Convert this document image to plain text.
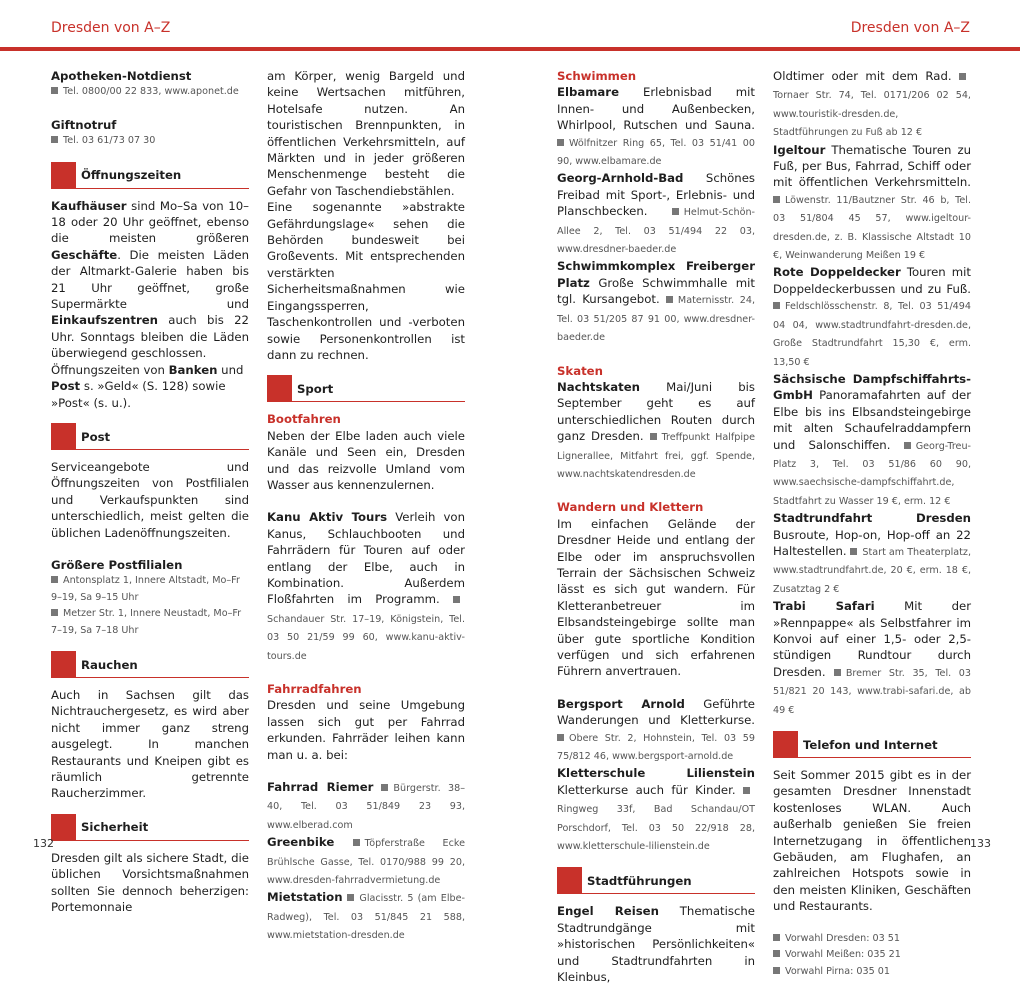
Dresden von A–Z	Dresden von A–Z
Apotheken-Notdienst
Tel. 0800/00 22 833, www.aponet.de
Giftnotruf
Tel. 03 61/73 07 30
Öffnungszeiten

Kaufhäuser sind Mo–Sa von 10–18 oder 20 Uhr geöffnet, ebenso die meisten größeren Geschäfte. Die meisten Läden der Altmarkt-Galerie haben bis 21 Uhr geöffnet, große Supermärkte und Einkaufszentren auch bis 22 Uhr. Sonntags bleiben die Läden überwiegend geschlossen.

Öffnungszeiten von Banken und Post s. »Geld« (S. 128) sowie »Post« (s. u.).

Post

Serviceangebote und Öffnungszeiten von Postfilialen und Verkaufspunkten sind unterschiedlich, meist gelten die üblichen Ladenöffnungszeiten.

Größere Postfilialen
Antonsplatz 1, Innere Altstadt, Mo–Fr 9–19, Sa 9–15 Uhr
Metzer Str. 1, Innere Neustadt, Mo–Fr 7–19, Sa 7–18 Uhr
Rauchen

Auch in Sachsen gilt das Nichtrauchergesetz, es wird aber nicht immer ganz streng ausgelegt. In manchen Restaurants und Kneipen gibt es räumlich getrennte Raucherzimmer.

Sicherheit

Dresden gilt als sichere Stadt, die üblichen Vorsichtsmaßnahmen sollten Sie dennoch beherzigen: Portemonnaie

am Körper, wenig Bargeld und keine Wertsachen mitführen, Hotelsafe nutzen. An touristischen Brennpunkten, in öffentlichen Verkehrsmitteln, auf Märkten und in jeder größeren Menschenmenge besteht die Gefahr von Taschendiebstählen.

Eine sogenannte »abstrakte Gefährdungslage« sehen die Behörden bundesweit bei Großevents. Mit entsprechenden verstärkten Sicherheitsmaßnahmen wie Eingangssperren, Taschenkontrollen und -verboten sowie Personenkontrollen ist dann zu rechnen.

Sport
Bootfahren

Neben der Elbe laden auch viele Kanäle und Seen ein, Dresden und das reizvolle Umland vom Wasser aus kennenzulernen.

Kanu Aktiv Tours Verleih von Kanus, Schlauchbooten und Fahrrädern für Touren auf oder entlang der Elbe, auch in Kombination. Außerdem Floßfahrten im Programm. Schandauer Str. 17–19, Königstein, Tel. 03 50 21/59 99 60, www.kanu-aktiv-tours.de

Fahrradfahren

Dresden und seine Umgebung lassen sich gut per Fahrrad erkunden. Fahrräder leihen kann man u. a. bei:

Fahrrad Riemer Bürgerstr. 38–40, Tel. 03 51/849 23 93, www.elberad.com

Greenbike	Töpferstraße Ecke Brühlsche Gasse, Tel. 0170/988 99 20, www.dresden-fahrradvermietung.de

Mietstation Glacisstr. 5 (am Elbe-Radweg), Tel. 03 51/845 21 588, www.mietstation-dresden.de

Schwimmen

Elbamare Erlebnisbad mit Innen- und Außenbecken, Whirlpool, Rutschen und Sauna. Wölfnitzer Ring 65, Tel. 03 51/41 00 90, www.elbamare.de

Georg-Arnhold-Bad Schönes Freibad mit Sport-, Erlebnis- und Planschbecken.	Helmut-Schön-Allee 2, Tel. 03 51/494 22 03, www.dresdner-baeder.de

Schwimmkomplex Freiberger Platz Große Schwimmhalle mit tgl. Kursangebot. Maternisstr. 24, Tel. 03 51/205 87 91 00, www.dresdner-baeder.de

Skaten

Nachtskaten Mai/Juni bis September geht es auf unterschiedlichen Routen durch ganz Dresden. Treffpunkt Halfpipe Lignerallee, Mitfahrt frei, ggf. Spende, www.nachtskatendresden.de

Wandern und Klettern

Im einfachen Gelände der Dresdner Heide und entlang der Elbe oder im anspruchsvollen Terrain der Sächsischen Schweiz lässt es sich gut wandern. Für Kletteranbetreuer im Elbsandsteingebirge sollte man über gute sportliche Kondition verfügen und sich erfahrenen Führern anvertrauen.

Bergsport Arnold Geführte Wanderungen und Kletterkurse. Obere Str. 2, Hohnstein, Tel. 03 59 75/812 46, www.bergsport-arnold.de

Kletterschule Lilienstein Kletterkurse auch für Kinder. Ringweg 33f, Bad Schandau/OT Porschdorf, Tel. 03 50 22/918 28, www.kletterschule-lilienstein.de

Stadtführungen

Engel Reisen Thematische Stadtrundgänge mit »historischen Persönlichkeiten« und Stadtrundfahrten in Kleinbus,

Oldtimer oder mit dem Rad. Tornaer Str. 74, Tel. 0171/206 02 54, www.touristik-dresden.de, Stadtführungen zu Fuß ab 12 €

Igeltour Thematische Touren zu Fuß, per Bus, Fahrrad, Schiff oder mit öffentlichen Verkehrsmitteln. Löwenstr. 11/Bautzner Str. 46 b, Tel. 03 51/804 45 57, www.igeltour-dresden.de, z. B. Klassische Altstadt 10 €, Weinwanderung Meißen 19 €

Rote Doppeldecker Touren mit Doppeldeckerbussen und zu Fuß. Feldschlösschenstr. 8, Tel. 03 51/494 04 04, www.stadtrundfahrt-dresden.de, Große Stadtrundfahrt 15,30 €, erm. 13,50 €

Sächsische Dampfschiffahrts-GmbH Panoramafahrten auf der Elbe bis ins Elbsandsteingebirge mit alten Schaufelraddampfern und Salonschiffen.	Georg-Treu-Platz 3, Tel. 03 51/86 60 90, www.saechsische-dampfschiffahrt.de, Stadtfahrt zu Wasser 19 €, erm. 12 €

Stadtrundfahrt Dresden Busroute, Hop-on, Hop-off an 22 Haltestellen. Start am Theaterplatz, www.stadtrundfahrt.de, 20 €, erm. 18 €, Zusatztag 2 €

Trabi Safari Mit der »Rennpappe« als Selbstfahrer im Konvoi auf einer 1,5- oder 2,5-stündigen Rundtour durch Dresden. Bremer Str. 35, Tel. 03 51/821 20 143, www.trabi-safari.de, ab 49 €

Telefon und Internet

Seit Sommer 2015 gibt es in der gesamten Dresdner Innenstadt kostenloses WLAN. Auch außerhalb genießen Sie freien Internetzugang in öffentlichen Gebäuden, am Flughafen, an zahlreichen Hotspots sowie in den meisten Kliniken, Geschäften und Restaurants.

Vorwahl Dresden: 03 51
Vorwahl Meißen: 035 21
Vorwahl Pirna: 035 01
132	133
